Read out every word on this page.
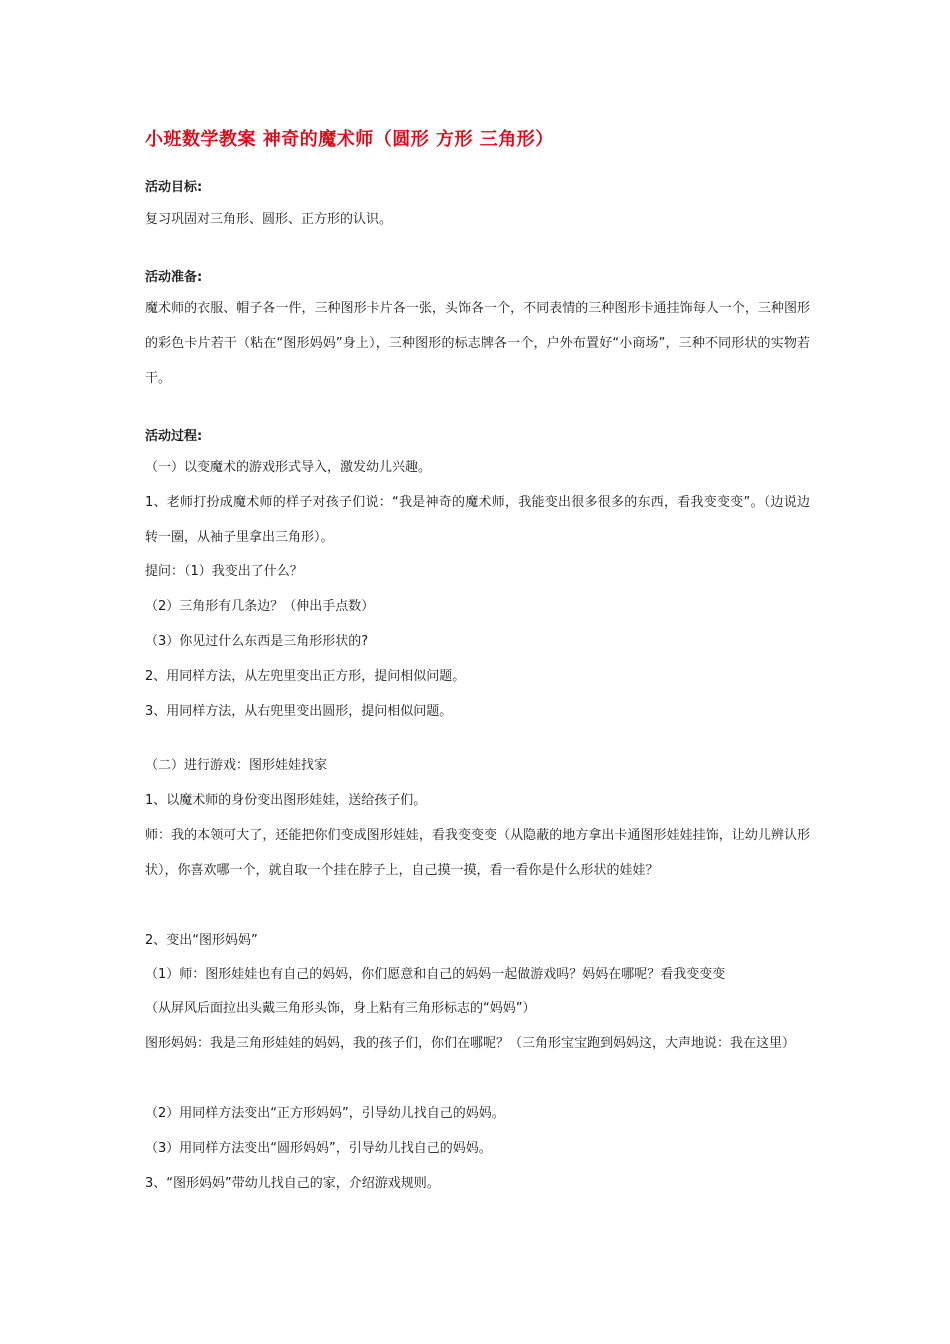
小班数学教案 神奇的魔术师（圆形 方形 三角形）
活动目标:
复习巩固对三角形、圆形、正方形的认识。
活动准备:
魔术师的衣服、帽子各一件，三种图形卡片各一张，头饰各一个，不同表情的三种图形卡通挂饰每人一个，三种图形的彩色卡片若干（粘在“图形妈妈”身上），三种图形的标志牌各一个，户外布置好“小商场”，三种不同形状的实物若干。
活动过程:
（一）以变魔术的游戏形式导入，激发幼儿兴趣。
1、老师打扮成魔术师的样子对孩子们说：“我是神奇的魔术师，我能变出很多很多的东西，看我变变变”。（边说边转一圈，从袖子里拿出三角形）。
提问：（1）我变出了什么？
（2）三角形有几条边？（伸出手点数）
（3）你见过什么东西是三角形形状的?
2、用同样方法，从左兜里变出正方形，提问相似问题。
3、用同样方法，从右兜里变出圆形，提问相似问题。
（二）进行游戏：图形娃娃找家
1、以魔术师的身份变出图形娃娃，送给孩子们。
师：我的本领可大了，还能把你们变成图形娃娃，看我变变变（从隐蔽的地方拿出卡通图形娃娃挂饰，让幼儿辨认形状），你喜欢哪一个，就自取一个挂在脖子上，自己摸一摸，看一看你是什么形状的娃娃？
2、变出“图形妈妈”
（1）师：图形娃娃也有自己的妈妈，你们愿意和自己的妈妈一起做游戏吗？妈妈在哪呢？看我变变变
（从屏风后面拉出头戴三角形头饰，身上粘有三角形标志的“妈妈”）
图形妈妈：我是三角形娃娃的妈妈，我的孩子们，你们在哪呢？（三角形宝宝跑到妈妈这，大声地说：我在这里）
（2）用同样方法变出“正方形妈妈”，引导幼儿找自己的妈妈。
（3）用同样方法变出“圆形妈妈”，引导幼儿找自己的妈妈。
3、“图形妈妈”带幼儿找自己的家，介绍游戏规则。
